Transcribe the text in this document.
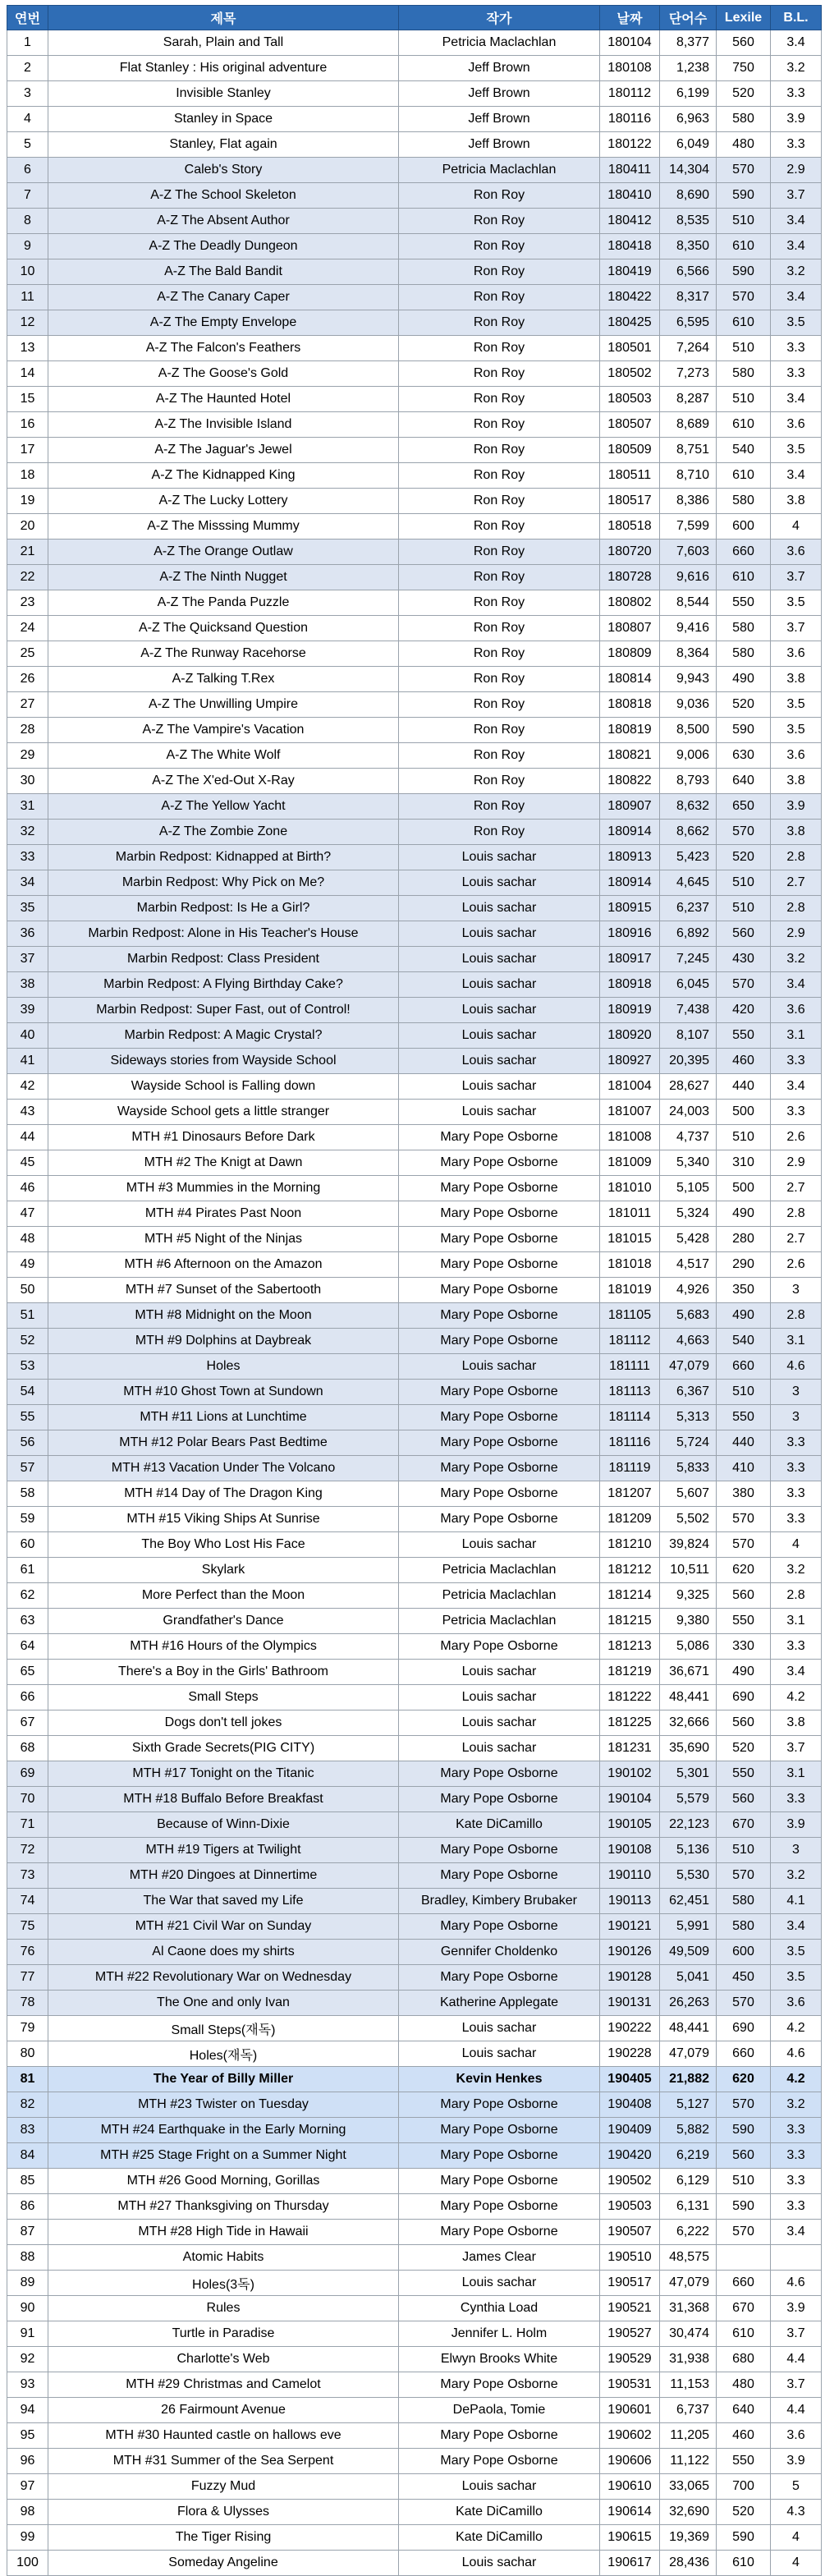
연번	제목	작가	날짜	단어수	Lexile	B.L.
1	Sarah, Plain and Tall	Petricia Maclachlan	180104	8,377	560	3.4
2	Flat Stanley : His original adventure	Jeff Brown	180108	1,238	750	3.2
3	Invisible Stanley	Jeff Brown	180112	6,199	520	3.3
4	Stanley in Space	Jeff Brown	180116	6,963	580	3.9
5	Stanley, Flat again	Jeff Brown	180122	6,049	480	3.3
6	Caleb's Story	Petricia Maclachlan	180411	14,304	570	2.9
7	A-Z The School Skeleton	Ron Roy	180410	8,690	590	3.7
8	A-Z The Absent Author	Ron Roy	180412	8,535	510	3.4
9	A-Z The Deadly Dungeon	Ron Roy	180418	8,350	610	3.4
10	A-Z The Bald Bandit	Ron Roy	180419	6,566	590	3.2
11	A-Z The Canary Caper	Ron Roy	180422	8,317	570	3.4
12	A-Z The Empty Envelope	Ron Roy	180425	6,595	610	3.5
13	A-Z The Falcon's Feathers	Ron Roy	180501	7,264	510	3.3
14	A-Z The Goose's Gold	Ron Roy	180502	7,273	580	3.3
15	A-Z The Haunted Hotel	Ron Roy	180503	8,287	510	3.4
16	A-Z The Invisible Island	Ron Roy	180507	8,689	610	3.6
17	A-Z The Jaguar's Jewel	Ron Roy	180509	8,751	540	3.5
18	A-Z The Kidnapped King	Ron Roy	180511	8,710	610	3.4
19	A-Z The Lucky Lottery	Ron Roy	180517	8,386	580	3.8
20	A-Z The Misssing Mummy	Ron Roy	180518	7,599	600	4
21	A-Z The Orange Outlaw	Ron Roy	180720	7,603	660	3.6
22	A-Z The Ninth Nugget	Ron Roy	180728	9,616	610	3.7
23	A-Z The Panda Puzzle	Ron Roy	180802	8,544	550	3.5
24	A-Z The Quicksand Question	Ron Roy	180807	9,416	580	3.7
25	A-Z The Runway Racehorse	Ron Roy	180809	8,364	580	3.6
26	A-Z Talking T.Rex	Ron Roy	180814	9,943	490	3.8
27	A-Z The Unwilling Umpire	Ron Roy	180818	9,036	520	3.5
28	A-Z The Vampire's Vacation	Ron Roy	180819	8,500	590	3.5
29	A-Z The White Wolf	Ron Roy	180821	9,006	630	3.6
30	A-Z The X'ed-Out X-Ray	Ron Roy	180822	8,793	640	3.8
31	A-Z The Yellow Yacht	Ron Roy	180907	8,632	650	3.9
32	A-Z The Zombie Zone	Ron Roy	180914	8,662	570	3.8
33	Marbin Redpost: Kidnapped at Birth?	Louis sachar	180913	5,423	520	2.8
34	Marbin Redpost: Why Pick on Me?	Louis sachar	180914	4,645	510	2.7
35	Marbin Redpost: Is He a Girl?	Louis sachar	180915	6,237	510	2.8
36	Marbin Redpost: Alone in His Teacher's House	Louis sachar	180916	6,892	560	2.9
37	Marbin Redpost: Class President	Louis sachar	180917	7,245	430	3.2
38	Marbin Redpost: A Flying Birthday Cake?	Louis sachar	180918	6,045	570	3.4
39	Marbin Redpost: Super Fast, out of Control!	Louis sachar	180919	7,438	420	3.6
40	Marbin Redpost: A Magic Crystal?	Louis sachar	180920	8,107	550	3.1
41	Sideways stories from Wayside School	Louis sachar	180927	20,395	460	3.3
42	Wayside School is Falling down	Louis sachar	181004	28,627	440	3.4
43	Wayside School gets a little stranger	Louis sachar	181007	24,003	500	3.3
44	MTH #1 Dinosaurs Before Dark	Mary Pope Osborne	181008	4,737	510	2.6
45	MTH #2 The Knigt at Dawn	Mary Pope Osborne	181009	5,340	310	2.9
46	MTH #3 Mummies in the Morning	Mary Pope Osborne	181010	5,105	500	2.7
47	MTH #4 Pirates Past Noon	Mary Pope Osborne	181011	5,324	490	2.8
48	MTH #5 Night of the Ninjas	Mary Pope Osborne	181015	5,428	280	2.7
49	MTH #6 Afternoon on the Amazon	Mary Pope Osborne	181018	4,517	290	2.6
50	MTH #7 Sunset of the Sabertooth	Mary Pope Osborne	181019	4,926	350	3
51	MTH #8 Midnight on the Moon	Mary Pope Osborne	181105	5,683	490	2.8
52	MTH #9 Dolphins at Daybreak	Mary Pope Osborne	181112	4,663	540	3.1
53	Holes	Louis sachar	181111	47,079	660	4.6
54	MTH #10 Ghost Town at Sundown	Mary Pope Osborne	181113	6,367	510	3
55	MTH #11 Lions at Lunchtime	Mary Pope Osborne	181114	5,313	550	3
56	MTH #12 Polar Bears Past Bedtime	Mary Pope Osborne	181116	5,724	440	3.3
57	MTH #13 Vacation Under The Volcano	Mary Pope Osborne	181119	5,833	410	3.3
58	MTH #14 Day of The Dragon King	Mary Pope Osborne	181207	5,607	380	3.3
59	MTH #15 Viking Ships At Sunrise	Mary Pope Osborne	181209	5,502	570	3.3
60	The Boy Who Lost His Face	Louis sachar	181210	39,824	570	4
61	Skylark	Petricia Maclachlan	181212	10,511	620	3.2
62	More Perfect than the Moon	Petricia Maclachlan	181214	9,325	560	2.8
63	Grandfather's Dance	Petricia Maclachlan	181215	9,380	550	3.1
64	MTH #16 Hours of the Olympics	Mary Pope Osborne	181213	5,086	330	3.3
65	There's a Boy in the Girls' Bathroom	Louis sachar	181219	36,671	490	3.4
66	Small Steps	Louis sachar	181222	48,441	690	4.2
67	Dogs don't tell jokes	Louis sachar	181225	32,666	560	3.8
68	Sixth Grade Secrets(PIG CITY)	Louis sachar	181231	35,690	520	3.7
69	MTH #17 Tonight on the Titanic	Mary Pope Osborne	190102	5,301	550	3.1
70	MTH #18 Buffalo Before Breakfast	Mary Pope Osborne	190104	5,579	560	3.3
71	Because of Winn-Dixie	Kate DiCamillo	190105	22,123	670	3.9
72	MTH #19 Tigers at Twilight	Mary Pope Osborne	190108	5,136	510	3
73	MTH #20 Dingoes at Dinnertime	Mary Pope Osborne	190110	5,530	570	3.2
74	The War that saved my Life	Bradley, Kimbery Brubaker	190113	62,451	580	4.1
75	MTH #21 Civil War on Sunday	Mary Pope Osborne	190121	5,991	580	3.4
76	Al Caone does my shirts	Gennifer Choldenko	190126	49,509	600	3.5
77	MTH #22 Revolutionary War on Wednesday	Mary Pope Osborne	190128	5,041	450	3.5
78	The One and only Ivan	Katherine Applegate	190131	26,263	570	3.6
79	Small Steps(재독)	Louis sachar	190222	48,441	690	4.2
80	Holes(재독)	Louis sachar	190228	47,079	660	4.6
81	The Year of Billy Miller	Kevin Henkes	190405	21,882	620	4.2
82	MTH #23 Twister on Tuesday	Mary Pope Osborne	190408	5,127	570	3.2
83	MTH #24 Earthquake in the Early Morning	Mary Pope Osborne	190409	5,882	590	3.3
84	MTH #25 Stage Fright on a Summer Night	Mary Pope Osborne	190420	6,219	560	3.3
85	MTH #26 Good Morning, Gorillas	Mary Pope Osborne	190502	6,129	510	3.3
86	MTH #27 Thanksgiving on Thursday	Mary Pope Osborne	190503	6,131	590	3.3
87	MTH #28 High Tide in Hawaii	Mary Pope Osborne	190507	6,222	570	3.4
88	Atomic Habits	James Clear	190510	48,575		
89	Holes(3독)	Louis sachar	190517	47,079	660	4.6
90	Rules	Cynthia Load	190521	31,368	670	3.9
91	Turtle in Paradise	Jennifer L. Holm	190527	30,474	610	3.7
92	Charlotte's Web	Elwyn Brooks White	190529	31,938	680	4.4
93	MTH #29 Christmas and Camelot	Mary Pope Osborne	190531	11,153	480	3.7
94	26 Fairmount Avenue	DePaola, Tomie	190601	6,737	640	4.4
95	MTH #30 Haunted castle on hallows eve	Mary Pope Osborne	190602	11,205	460	3.6
96	MTH #31 Summer of the Sea Serpent	Mary Pope Osborne	190606	11,122	550	3.9
97	Fuzzy Mud	Louis sachar	190610	33,065	700	5
98	Flora & Ulysses	Kate DiCamillo	190614	32,690	520	4.3
99	The Tiger Rising	Kate DiCamillo	190615	19,369	590	4
100	Someday Angeline	Louis sachar	190617	28,436	610	4
